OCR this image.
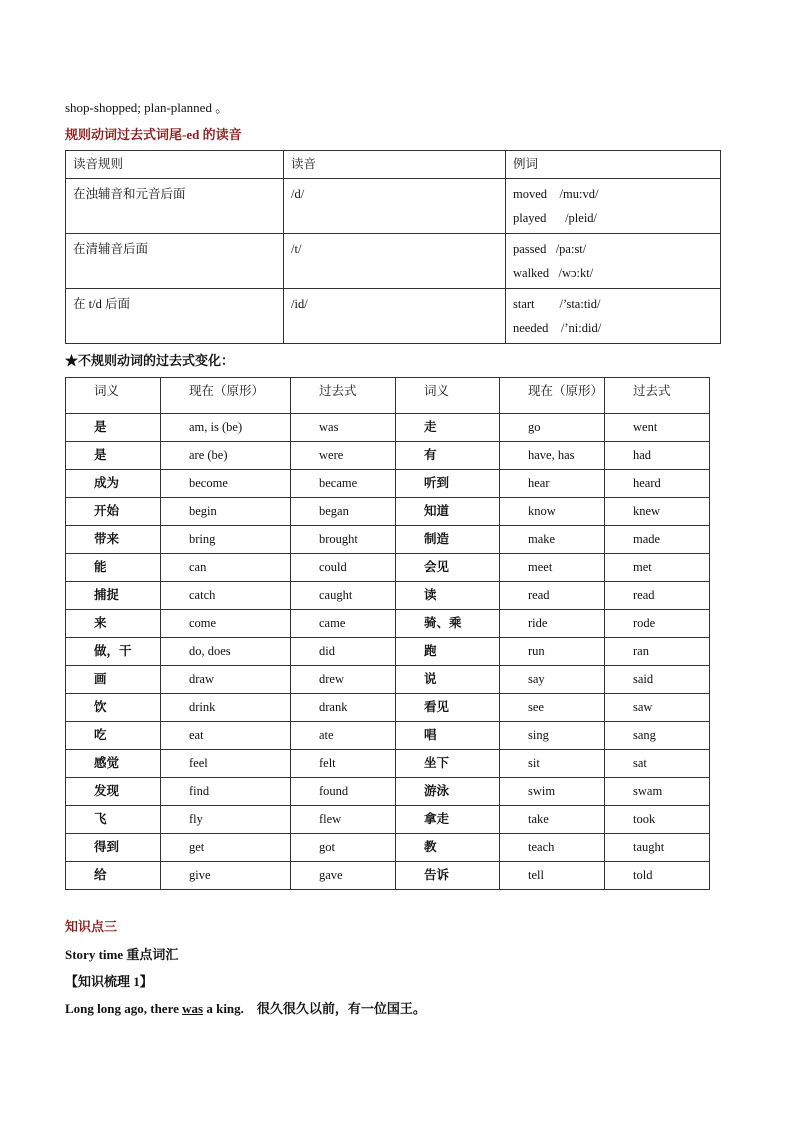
shop-shopped; plan-planned 。
规则动词过去式词尾-ed 的读音
读音规则	读音	例词
在浊辅音和元音后面	/d/	moved    /mu:vd/
played      /pleid/

在清辅音后面	/t/	passed   /pa:st/
walked   /wɔ:kt/

在 t/d 后面	/id/	start        /’sta:tid/
needed    /’ni:did/
★不规则动词的过去式变化：
词义	现在（原形）	过去式	词义	现在（原形）	过去式
是	am, is (be)	was	走	go	went
是	are (be)	were	有	have, has	had
成为	become	became	听到	hear	heard
开始	begin	began	知道	know	knew
带来	bring	brought	制造	make	made
能	can	could	会见	meet	met
捕捉	catch	caught	读	read	read
来	come	came	骑、乘	ride	rode
做，干	do, does	did	跑	run	ran
画	draw	drew	说	say	said
饮	drink	drank	看见	see	saw
吃	eat	ate	唱	sing	sang
感觉	feel	felt	坐下	sit	sat
发现	find	found	游泳	swim	swam
飞	fly	flew	拿走	take	took
得到	get	got	教	teach	taught
给	give	gave	告诉	tell	told
知识点三
Story time 重点词汇
【知识梳理 1】
Long long ago, there was a king.    很久很久以前，有一位国王。
